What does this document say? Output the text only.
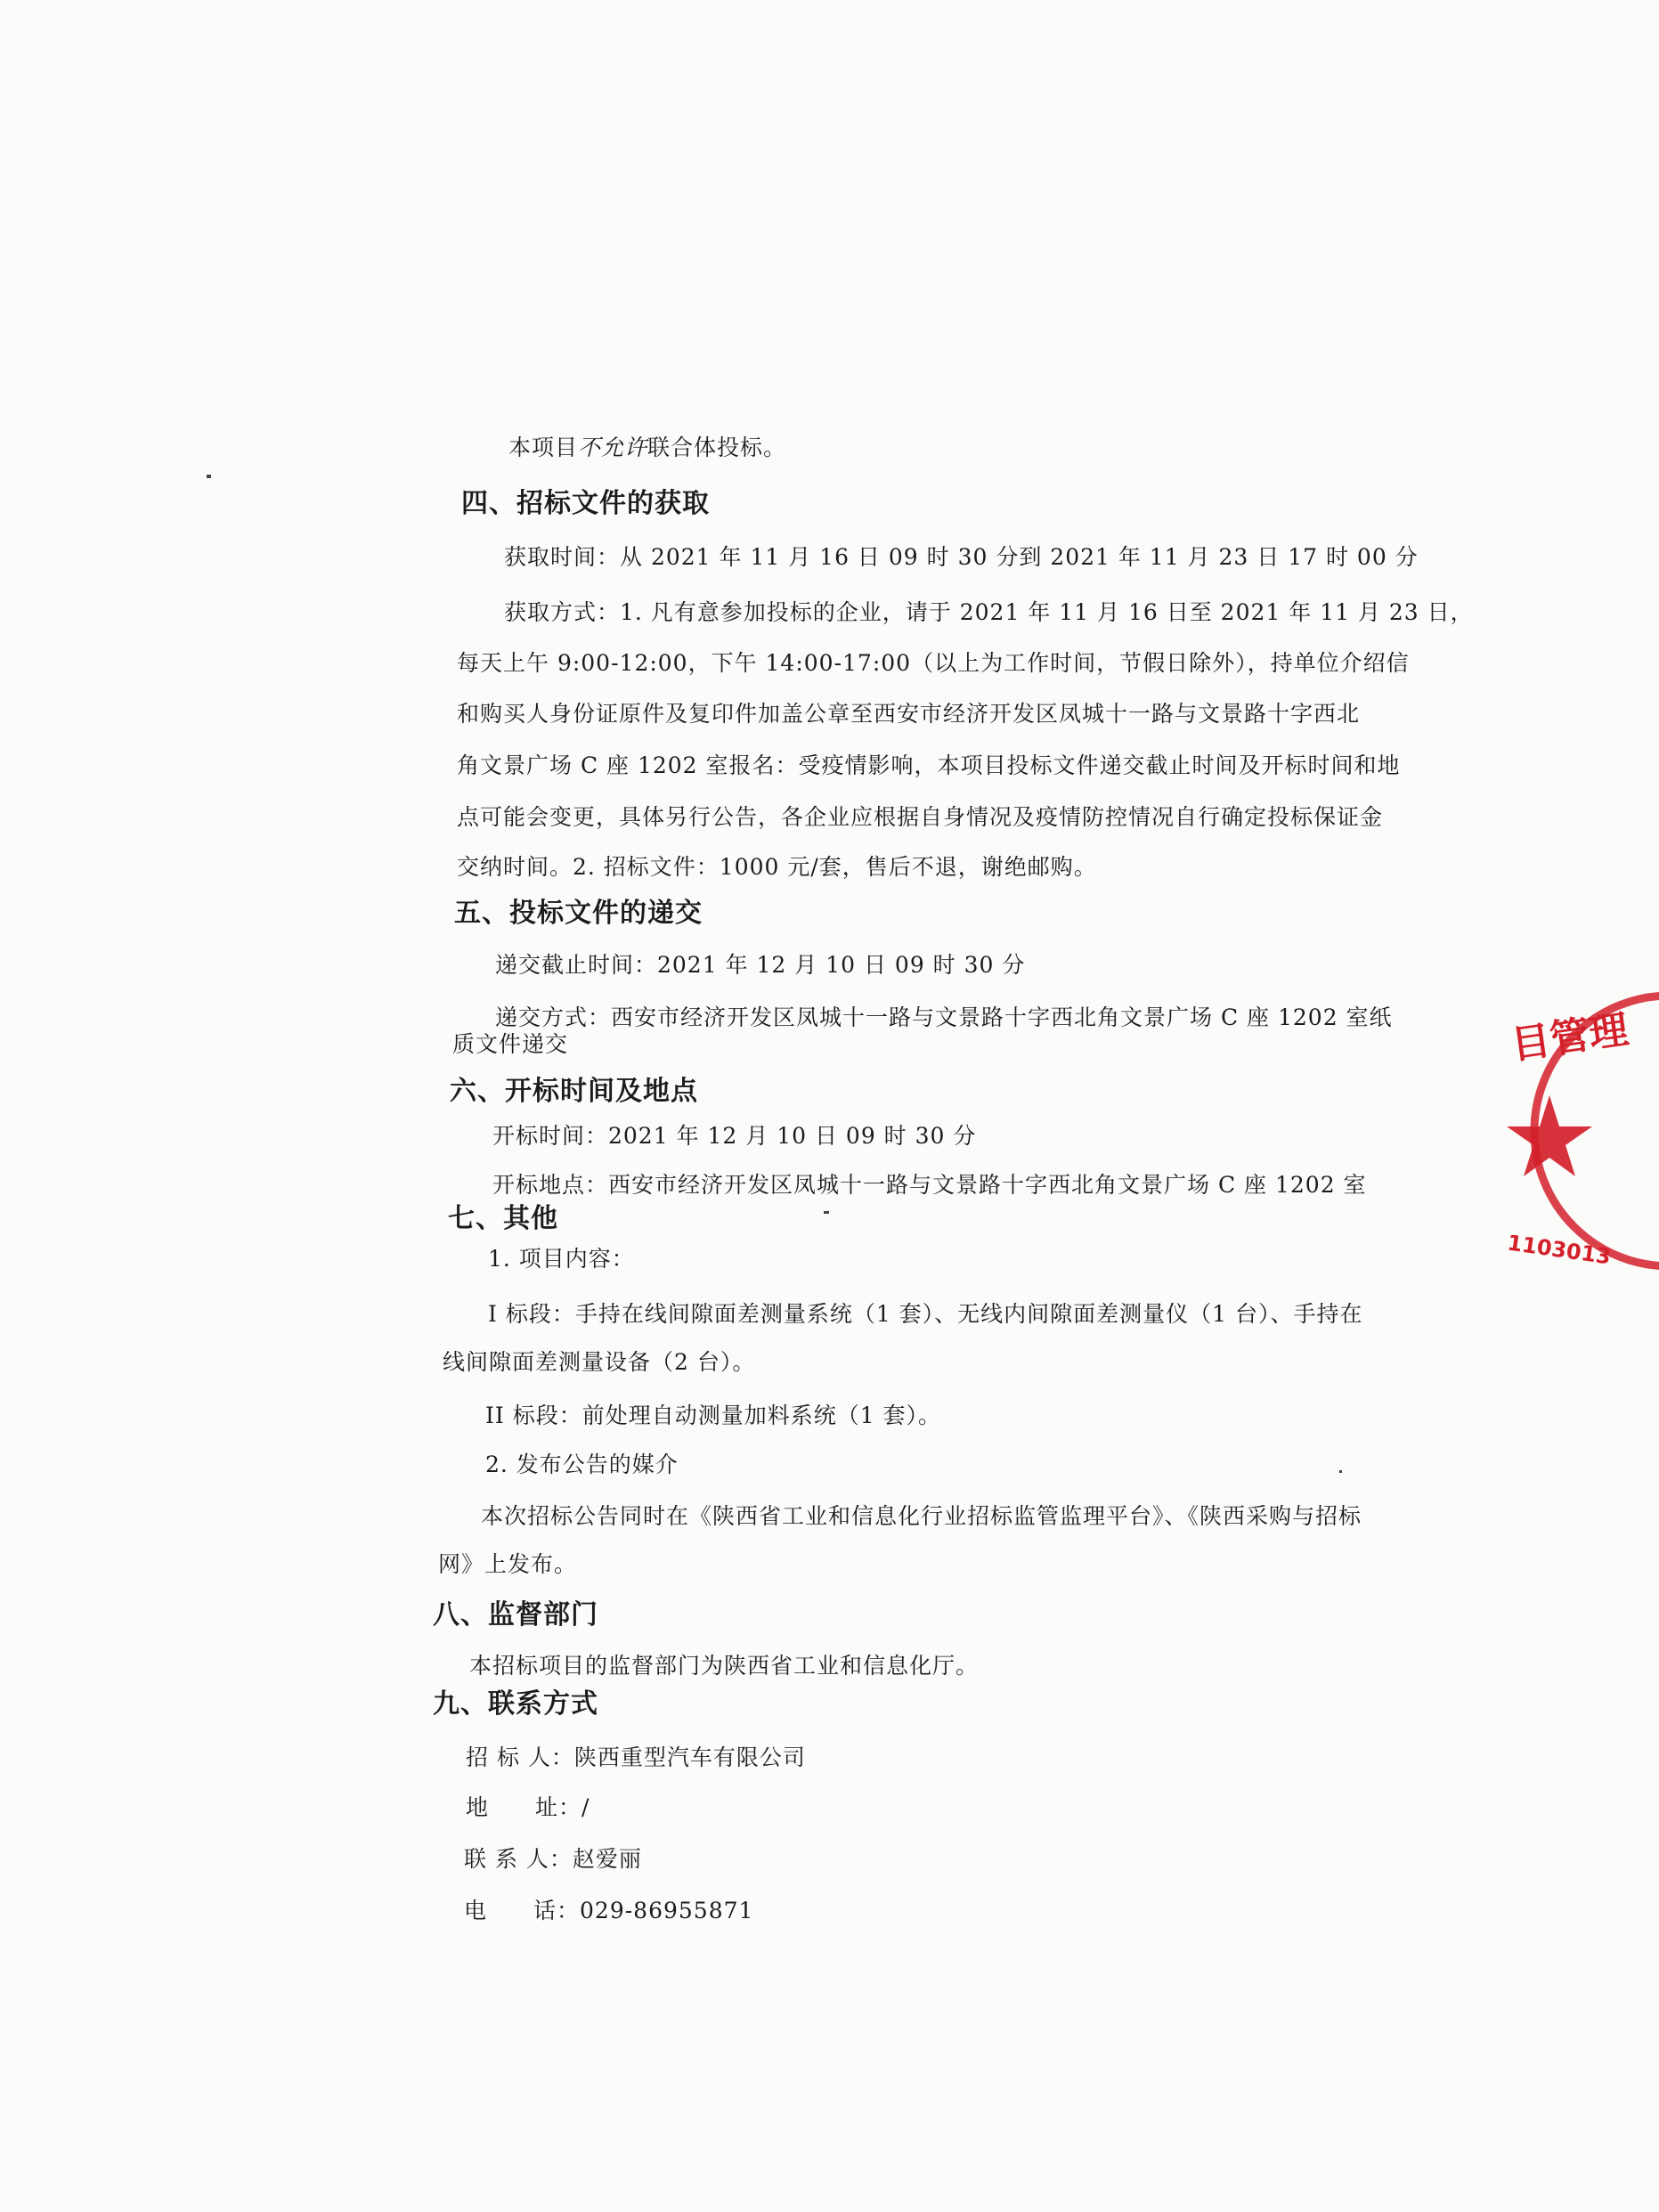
本项目不允许联合体投标。
四、招标文件的获取
获取时间：从 2021 年 11 月 16 日 09 时 30 分到 2021 年 11 月 23 日 17 时 00 分
获取方式：1. 凡有意参加投标的企业，请于 2021 年 11 月 16 日至 2021 年 11 月 23 日，
每天上午 9:00-12:00，下午 14:00-17:00（以上为工作时间，节假日除外），持单位介绍信
和购买人身份证原件及复印件加盖公章至西安市经济开发区凤城十一路与文景路十字西北
角文景广场 C 座 1202 室报名：受疫情影响，本项目投标文件递交截止时间及开标时间和地
点可能会变更，具体另行公告，各企业应根据自身情况及疫情防控情况自行确定投标保证金
交纳时间。2. 招标文件：1000 元/套，售后不退，谢绝邮购。
五、投标文件的递交
递交截止时间：2021 年 12 月 10 日 09 时 30 分
递交方式：西安市经济开发区凤城十一路与文景路十字西北角文景广场 C 座 1202 室纸
质文件递交
六、开标时间及地点
开标时间：2021 年 12 月 10 日 09 时 30 分
开标地点：西安市经济开发区凤城十一路与文景路十字西北角文景广场 C 座 1202 室
七、其他
1. 项目内容：
I 标段：手持在线间隙面差测量系统（1 套）、无线内间隙面差测量仪（1 台）、手持在
线间隙面差测量设备（2 台）。
II 标段：前处理自动测量加料系统（1 套）。
2. 发布公告的媒介
本次招标公告同时在《陕西省工业和信息化行业招标监管监理平台》、《陕西采购与招标
网》上发布。
八、监督部门
本招标项目的监督部门为陕西省工业和信息化厅。
九、联系方式
招 标 人：陕西重型汽车有限公司
地　　址：/
联 系 人：赵爱丽
电　　话：029-86955871
目管理
1103013
